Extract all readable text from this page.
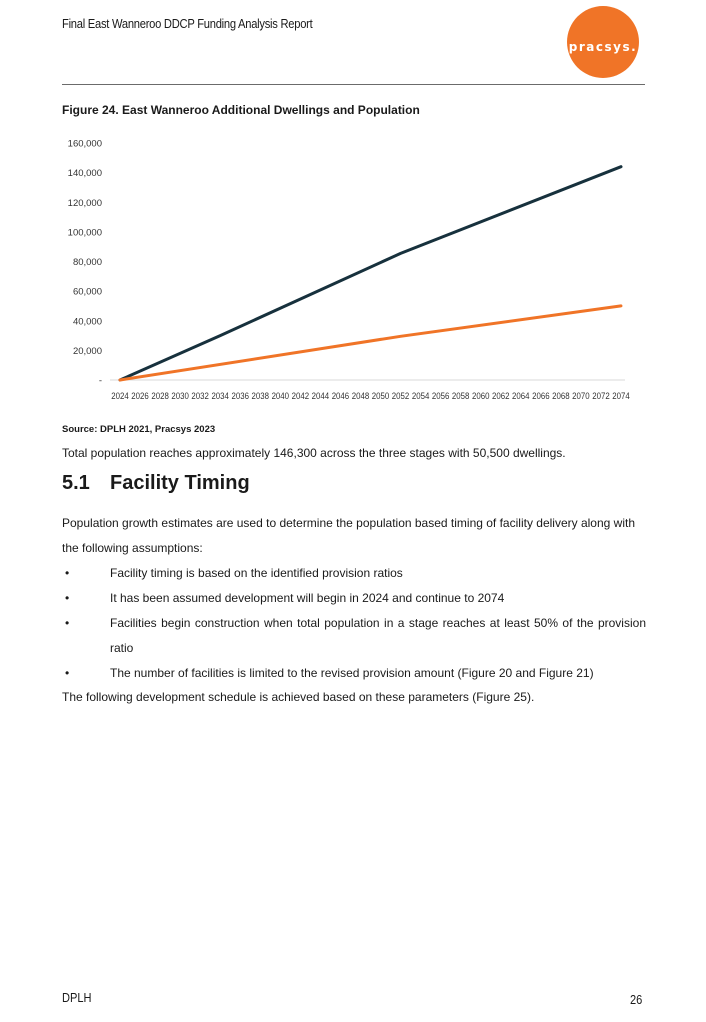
Final East Wanneroo DDCP Funding Analysis Report
pracsys.
Figure 24. East Wanneroo Additional Dwellings and Population
-
20,000
40,000
60,000
80,000
100,000
120,000
140,000
160,000
2024 2026 2028 2030 2032 2034 2036 2038 2040 2042 2044 2046 2048 2050 2052 2054 2056 2058 2060 2062 2064 2066 2068 2070 2072 2074
Source: DPLH 2021, Pracsys 2023
Total population reaches approximately 146,300 across the three stages with 50,500 dwellings.
5.1 Facility Timing
Population growth estimates are used to determine the population based timing of facility delivery along with the following assumptions:
•	Facility timing is based on the identified provision ratios
•	It has been assumed development will begin in 2024 and continue to 2074
•	Facilities begin construction when total population in a stage reaches at least 50% of the provision ratio
•	The number of facilities is limited to the revised provision amount (Figure 20 and Figure 21)
The following development schedule is achieved based on these parameters (Figure 25).
DPLH	26
